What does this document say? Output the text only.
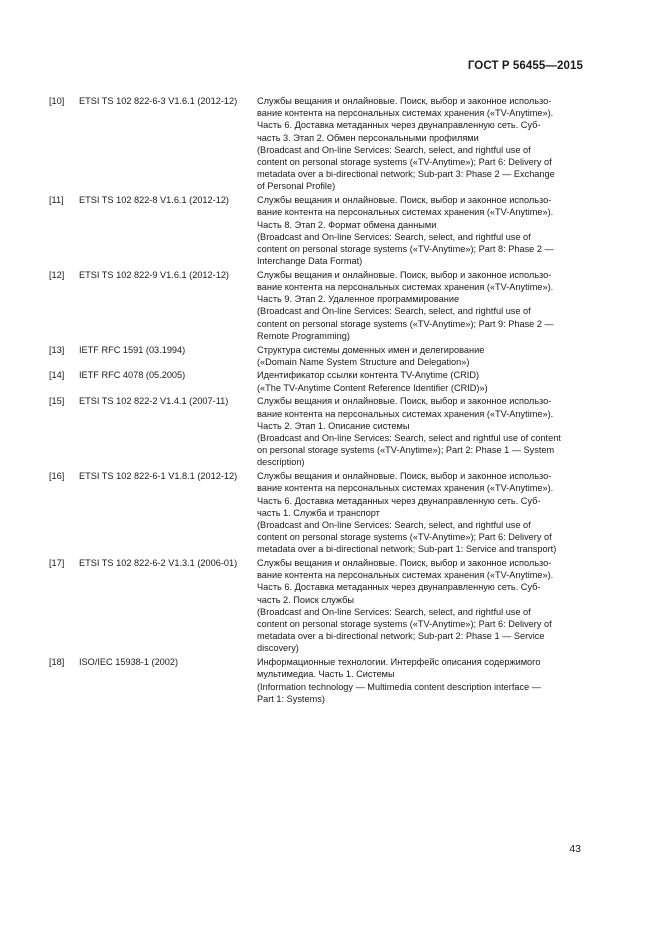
ГОСТ Р 56455—2015
[10]	ETSI TS 102 822-6-3 V1.6.1 (2012-12)	Службы вещания и онлайновые. Поиск, выбор и законное использо-
вание контента на персональных системах хранения («TV-Anytime»).
Часть 6. Доставка метаданных через двунаправленную сеть. Суб-
часть 3. Этап 2. Обмен персональными профилями
(Broadcast and On-line Services: Search, select, and rightful use of
content on personal storage systems («TV-Anytime»); Part 6: Delivery of
metadata over a bi-directional network; Sub-part 3: Phase 2 — Exchange
of Personal Profile)
[11]	ETSI TS 102 822-8 V1.6.1 (2012-12)	Службы вещания и онлайновые. Поиск, выбор и законное использо-
вание контента на персональных системах хранения («TV-Anytime»).
Часть 8. Этап 2. Формат обмена данными
(Broadcast and On-line Services: Search, select, and rightful use of
content on personal storage systems («TV-Anytime»); Part 8: Phase 2 —
Interchange Data Format)
[12]	ETSI TS 102 822-9 V1.6.1 (2012-12)	Службы вещания и онлайновые. Поиск, выбор и законное использо-
вание контента на персональных системах хранения («TV-Anytime»).
Часть 9. Этап 2. Удаленное программирование
(Broadcast and On-line Services: Search, select, and rightful use of
content on personal storage systems («TV-Anytime»); Part 9: Phase 2 —
Remote Programming)
[13]	IETF RFC 1591 (03.1994)	Структура системы доменных имен и делегирование
(«Domain Name System Structure and Delegation»)
[14]	IETF RFC 4078 (05.2005)	Идентификатор ссылки контента TV-Anytime (CRID)
(«The TV-Anytime Content Reference Identifier (CRID)»)
[15]	ETSI TS 102 822-2 V1.4.1 (2007-11)	Службы вещания и онлайновые. Поиск, выбор и законное использо-
вание контента на персональных системах хранения («TV-Anytime»).
Часть 2. Этап 1. Описание системы
(Broadcast and On-line Services: Search, select and rightful use of content
on personal storage systems («TV-Anytime»); Part 2: Phase 1 — System
description)
[16]	ETSI TS 102 822-6-1 V1.8.1 (2012-12)	Службы вещания и онлайновые. Поиск, выбор и законное использо-
вание контента на персональных системах хранения («TV-Anytime»).
Часть 6. Доставка метаданных через двунаправленную сеть. Суб-
часть 1. Служба и транспорт
(Broadcast and On-line Services: Search, select, and rightful use of
content on personal storage systems («TV-Anytime»); Part 6: Delivery of
metadata over a bi-directional network; Sub-part 1: Service and transport)
[17]	ETSI TS 102 822-6-2 V1.3.1 (2006-01)	Службы вещания и онлайновые. Поиск, выбор и законное использо-
вание контента на персональных системах хранения («TV-Anytime»).
Часть 6. Доставка метаданных через двунаправленную сеть. Суб-
часть 2. Поиск службы
(Broadcast and On-line Services: Search, select, and rightful use of
content on personal storage systems («TV-Anytime»); Part 6: Delivery of
metadata over a bi-directional network; Sub-part 2: Phase 1 — Service
discovery)
[18]	ISO/IEC 15938-1 (2002)	Информационные технологии. Интерфейс описания содержимого
мультимедиа. Часть 1. Системы
(Information technology — Multimedia content description interface —
Part 1: Systems)
43
